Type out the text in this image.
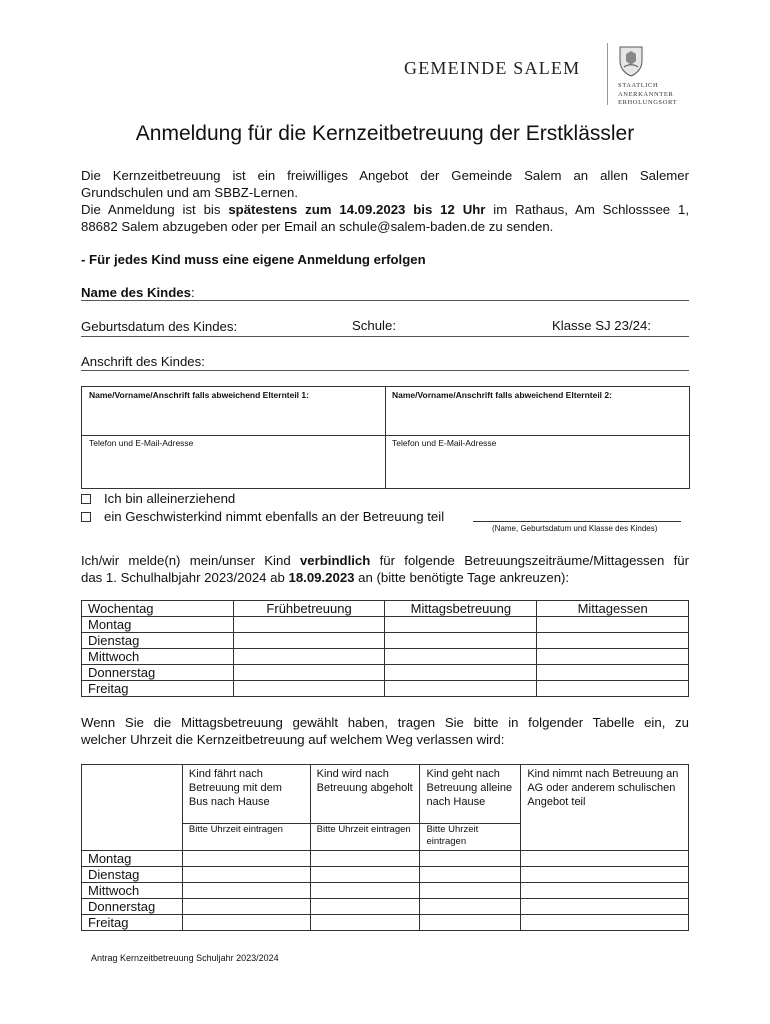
GEMEINDE SALEM
STAATLICH
ANERKANNTER
ERHOLUNGSORT
Anmeldung für die Kernzeitbetreuung der Erstklässler
Die Kernzeitbetreuung ist ein freiwilliges Angebot der Gemeinde Salem an allen Salemer
Grundschulen und am SBBZ-Lernen.
Die Anmeldung ist bis spätestens zum 14.09.2023 bis 12 Uhr im Rathaus, Am Schlosssee 1,
88682 Salem abzugeben oder per Email an schule@salem-baden.de zu senden.
- Für jedes Kind muss eine eigene Anmeldung erfolgen
Name des Kindes:
Geburtsdatum des Kindes:	Schule:	Klasse SJ 23/24:
Anschrift des Kindes:
Name/Vorname/Anschrift falls abweichend Elternteil 1:	Name/Vorname/Anschrift falls abweichend Elternteil 2:
Telefon und E-Mail-Adresse	Telefon und E-Mail-Adresse
Ich bin alleinerziehend
ein Geschwisterkind nimmt ebenfalls an der Betreuung teil
(Name, Geburtsdatum und Klasse des Kindes)
Ich/wir melde(n) mein/unser Kind verbindlich für folgende Betreuungszeiträume/Mittagessen für
das 1. Schulhalbjahr 2023/2024 ab 18.09.2023 an (bitte benötigte Tage ankreuzen):
Wochentag	Frühbetreuung	Mittagsbetreuung	Mittagessen
Montag			
Dienstag			
Mittwoch			
Donnerstag			
Freitag			
Wenn Sie die Mittagsbetreuung gewählt haben, tragen Sie bitte in folgender Tabelle ein, zu
welcher Uhrzeit die Kernzeitbetreuung auf welchem Weg verlassen wird:
	Kind fährt nach Betreuung mit dem Bus nach Hause	Kind wird nach Betreuung abgeholt	Kind geht nach Betreuung alleine nach Hause	Kind nimmt nach Betreuung an AG oder anderem schulischen Angebot teil
	Bitte Uhrzeit eintragen	Bitte Uhrzeit eintragen	Bitte Uhrzeit eintragen	
Montag				
Dienstag				
Mittwoch				
Donnerstag				
Freitag				
Antrag Kernzeitbetreuung Schuljahr 2023/2024
